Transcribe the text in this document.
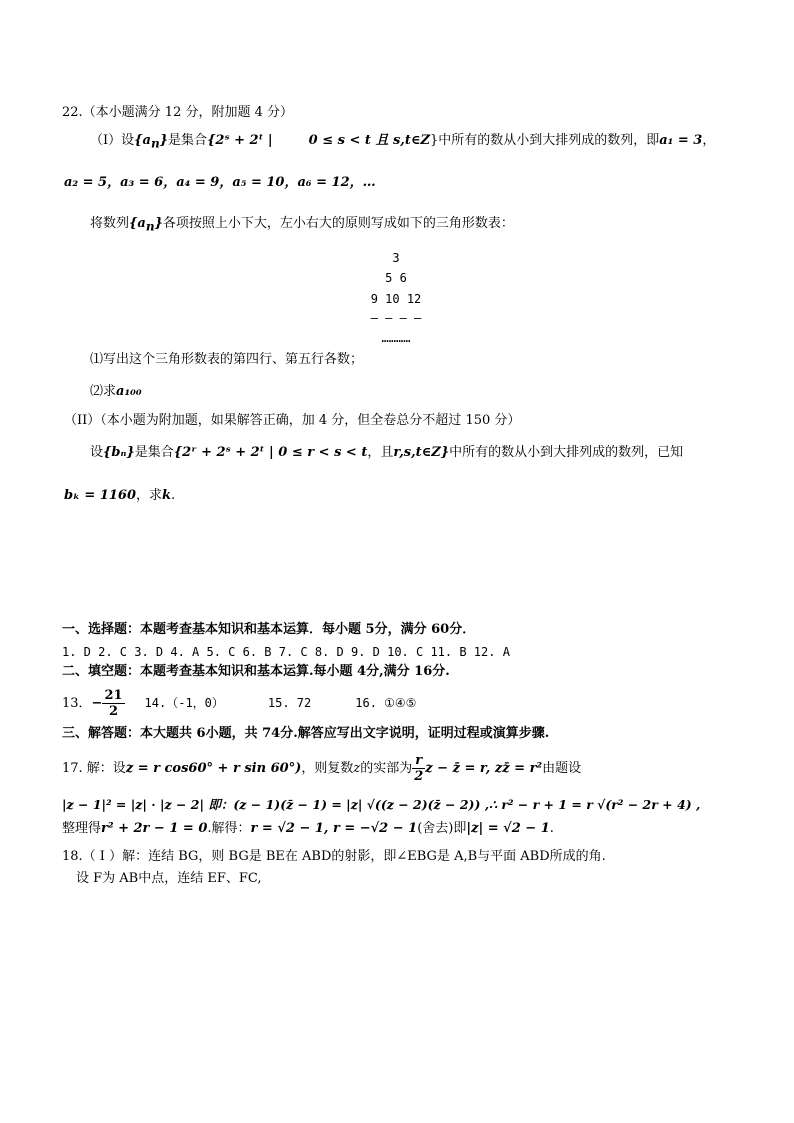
22.（本小题满分 12 分，附加题 4 分）
（I）设$\{a_n\}$是集合{2ˢ + 2ᵗ |	0 ≤ s < t 且 s,t∈Z}中所有的数从小到大排列成的数列，即a₁ = 3，
a₂ = 5，a₃ = 6，a₄ = 9，a₅ = 10，a₆ = 12，…
将数列$\{a_n\}$各项按照上小下大，左小右大的原则写成如下的三角形数表：
3
5 6
9 10 12
— — — —
…………
⑴写出这个三角形数表的第四行、第五行各数；
⑵求a₁₀₀
（II）（本小题为附加题，如果解答正确，加 4 分，但全卷总分不超过 150 分）
设{bₙ}是集合{2ʳ + 2ˢ + 2ᵗ | 0 ≤ r < s < t，且r,s,t∈Z}中所有的数从小到大排列成的数列，已知
bₖ = 1160，求k.
一、选择题：本题考查基本知识和基本运算．每小题 5分，满分 60分．
1. D 2. C 3. D 4. A 5. C 6. B 7. C 8. D 9. D 10. C 11. B 12. A
二、填空题：本题考查基本知识和基本运算.每小题 4分,满分 16分.
13．− $\frac{21}{2} 14.(-1$，0）	15. 72	16. ①④⑤
三、解答题：本大题共 6小题，共 74分.解答应写出文字说明，证明过程或演算步骤.
17. 解：设z = r cos60° + r sin 60°)，则复数z的实部为 $\frac{r}{2}$ z − z̄ = r, zz̄ = r²由题设
|z − 1|² = |z| · |z − 2| 即：(z − 1)(z̄ − 1) = |z| √((z − 2)(z̄ − 2)) ,∴ r² − r + 1 = r √(r² − 2r + 4) ,
整理得r² + 2r − 1 = 0.解得：r = √2 − 1, r = −√2 − 1(舍去)即|z| = √2 − 1.
18.（ I ）解：连结 BG，则 BG是 BE在 ABD的射影，即∠EBG是 A,B与平面 ABD所成的角.
设 F为 AB中点，连结 EF、FC,
